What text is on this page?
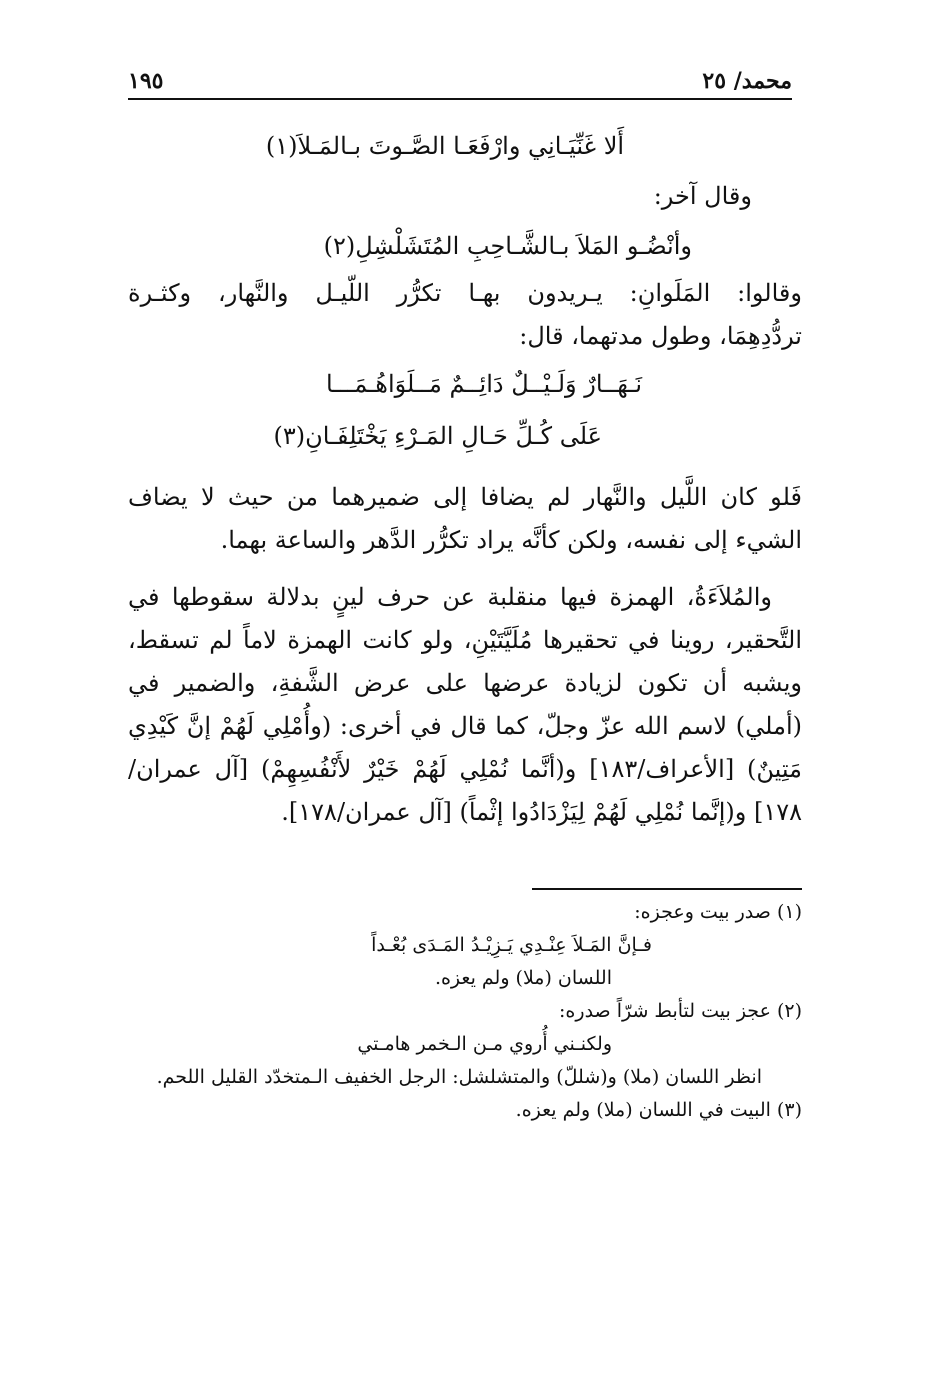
محمد/ ٢٥
١٩٥

أَلا غَنِّيَـانِي وارْفَعَـا الصَّـوتَ بـالمَـلاَ(١)

وقال آخر:

وأنْضُـو المَلاَ بـالشَّـاحِبِ المُتَشَلْشِلِ(٢)

وقالوا: المَلَوانِ: يـريدون بهـا تكرُّر اللّيـل والنَّهار، وكثـرة

تردُّدِهِمَا، وطول مدتهما، قال:

نَـهَــارٌ وَلَـيْــلٌ دَائِــمٌ مَــلَوَاهُـمَـــا

عَلَى كُـلِّ حَـالِ المَـرْءِ يَخْتَلِفَـانِ(٣)

فَلو كان اللَّيل والنَّهار لم يضافا إلى ضميرهما من حيث لا يضاف الشيء إلى نفسه، ولكن كأنَّه يراد تكرُّر الدَّهر والساعة بهما.

والمُلاَءَةُ، الهمزة فيها منقلبة عن حرف لينٍ بدلالة سقوطها في التَّحقير، روينا في تحقيرها مُلَيَّتَيْنِ، ولو كانت الهمزة لاماً لم تسقط، ويشبه أن تكون لزيادة عرضها على عرض الشَّفةِ، والضمير في (أملي) لاسم الله عزّ وجلّ، كما قال في أخرى: (وأُمْلِي لَهُمْ إنَّ كَيْدِي مَتِينٌ) [الأعراف/١٨٣] و(أنَّما نُمْلِي لَهُمْ خَيْرٌ لأَنْفُسِهِمْ) [آل عمران/١٧٨] و(إنَّما نُمْلِي لَهُمْ لِيَزْدَادُوا إثْماً) [آل عمران/١٧٨].

(١) صدر بيت وعجزه:

فـإنَّ المَـلاَ عِنْـدِي يَـزِيْـدُ المَـدَى بُعْـداً

اللسان (ملا) ولم يعزه.

(٢) عجز بيت لتأبط شرّاً صدره:

ولكنـني أُروي مـن الـخمر هامـتي

انظر اللسان (ملا) و(شللّ) والمتشلشل: الرجل الخفيف الـمتخدّد القليل اللحم.

(٣) البيت في اللسان (ملا) ولم يعزه.
